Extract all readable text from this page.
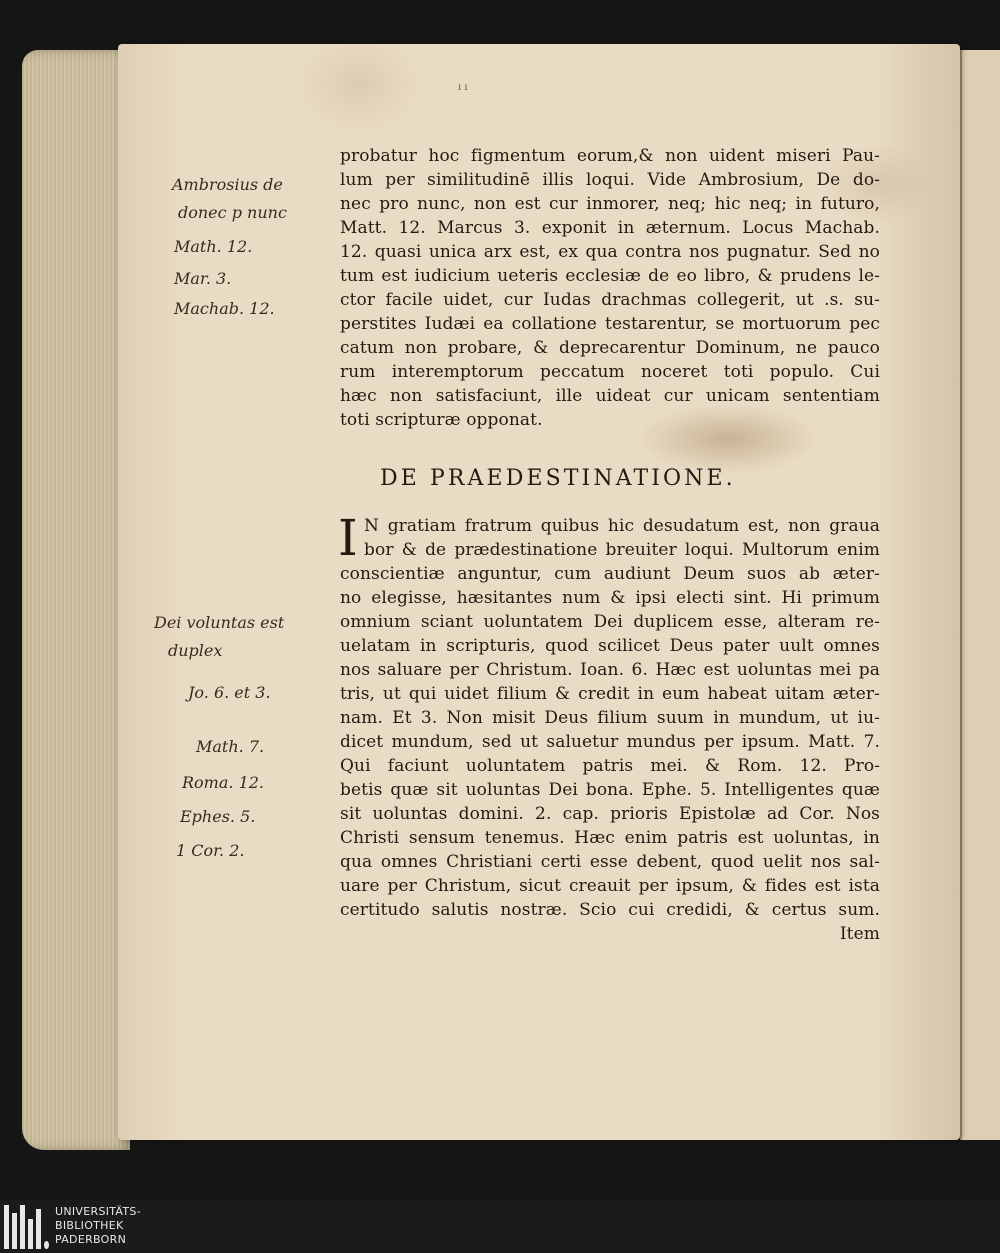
ı ı
Ambrosius de
donec p nunc
Math. 12.
Mar. 3.
Machab. 12.
Dei voluntas est
duplex
Jo. 6. et 3.
Math. 7.
Roma. 12.
Ephes. 5.
1 Cor. 2.
probatur hoc figmentum eorum,& non uident miseri Pau-
lum per similitudinē illis loqui. Vide Ambrosium, De do-
nec pro nunc, non est cur inmorer, neq; hic neq; in futuro,
Matt. 12. Marcus 3. exponit in æternum. Locus Machab.
12. quasi unica arx est, ex qua contra nos pugnatur. Sed no
tum est iudicium ueteris ecclesiæ de eo libro, & prudens le-
ctor facile uidet, cur Iudas drachmas collegerit, ut .s. su-
perstites Iudæi ea collatione testarentur, se mortuorum pec
catum non probare, & deprecarentur Dominum, ne pauco
rum interemptorum peccatum noceret toti populo. Cui
hæc non satisfaciunt, ille uideat cur unicam sententiam
toti scripturæ opponat.
DE PRAEDESTINATIONE.
I N gratiam fratrum quibus hic desudatum est, non graua
bor & de prædestinatione breuiter loqui. Multorum enim
conscientiæ anguntur, cum audiunt Deum suos ab æter-
no elegisse, hæsitantes num & ipsi electi sint. Hi primum
omnium sciant uoluntatem Dei duplicem esse, alteram re-
uelatam in scripturis, quod scilicet Deus pater uult omnes
nos saluare per Christum. Ioan. 6. Hæc est uoluntas mei pa
tris, ut qui uidet filium & credit in eum habeat uitam æter-
nam. Et 3. Non misit Deus filium suum in mundum, ut iu-
dicet mundum, sed ut saluetur mundus per ipsum. Matt. 7.
Qui faciunt uoluntatem patris mei. & Rom. 12. Pro-
betis quæ sit uoluntas Dei bona. Ephe. 5. Intelligentes quæ
sit uoluntas domini. 2. cap. prioris Epistolæ ad Cor. Nos
Christi sensum tenemus. Hæc enim patris est uoluntas, in
qua omnes Christiani certi esse debent, quod uelit nos sal-
uare per Christum, sicut creauit per ipsum, & fides est ista
certitudo salutis nostræ. Scio cui credidi, & certus sum.
Item
UNIVERSITÄTS-
BIBLIOTHEK
PADERBORN
